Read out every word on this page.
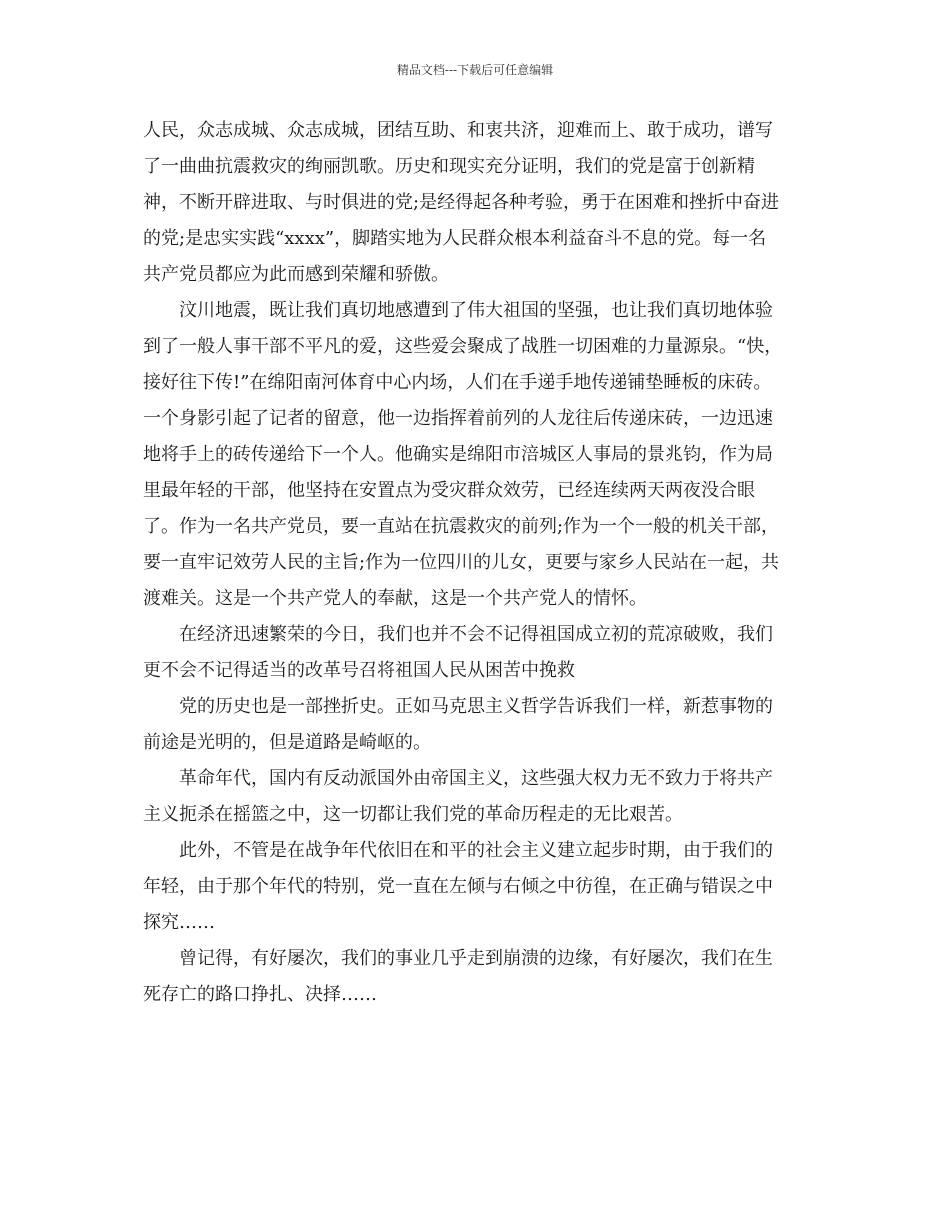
精品文档---下载后可任意编辑
人民，众志成城、众志成城，团结互助、和衷共济，迎难而上、敢于成功，谱写
了一曲曲抗震救灾的绚丽凯歌。历史和现实充分证明，我们的党是富于创新精
神，不断开辟进取、与时俱进的党;是经得起各种考验，勇于在困难和挫折中奋进
的党;是忠实实践“xxxx”，脚踏实地为人民群众根本利益奋斗不息的党。每一名
共产党员都应为此而感到荣耀和骄傲。
汶川地震，既让我们真切地感遭到了伟大祖国的坚强，也让我们真切地体验
到了一般人事干部不平凡的爱，这些爱会聚成了战胜一切困难的力量源泉。“快，
接好往下传!”在绵阳南河体育中心内场，人们在手递手地传递铺垫睡板的床砖。
一个身影引起了记者的留意，他一边指挥着前列的人龙往后传递床砖，一边迅速
地将手上的砖传递给下一个人。他确实是绵阳市涪城区人事局的景兆钧，作为局
里最年轻的干部，他坚持在安置点为受灾群众效劳，已经连续两天两夜没合眼
了。作为一名共产党员，要一直站在抗震救灾的前列;作为一个一般的机关干部，
要一直牢记效劳人民的主旨;作为一位四川的儿女，更要与家乡人民站在一起，共
渡难关。这是一个共产党人的奉献，这是一个共产党人的情怀。
在经济迅速繁荣的今日，我们也并不会不记得祖国成立初的荒凉破败，我们
更不会不记得适当的改革号召将祖国人民从困苦中挽救
党的历史也是一部挫折史。正如马克思主义哲学告诉我们一样，新惹事物的
前途是光明的，但是道路是崎岖的。
革命年代，国内有反动派国外由帝国主义，这些强大权力无不致力于将共产
主义扼杀在摇篮之中，这一切都让我们党的革命历程走的无比艰苦。
此外，不管是在战争年代依旧在和平的社会主义建立起步时期，由于我们的
年轻，由于那个年代的特别，党一直在左倾与右倾之中彷徨，在正确与错误之中
探究……
曾记得，有好屡次，我们的事业几乎走到崩溃的边缘，有好屡次，我们在生
死存亡的路口挣扎、决择……
